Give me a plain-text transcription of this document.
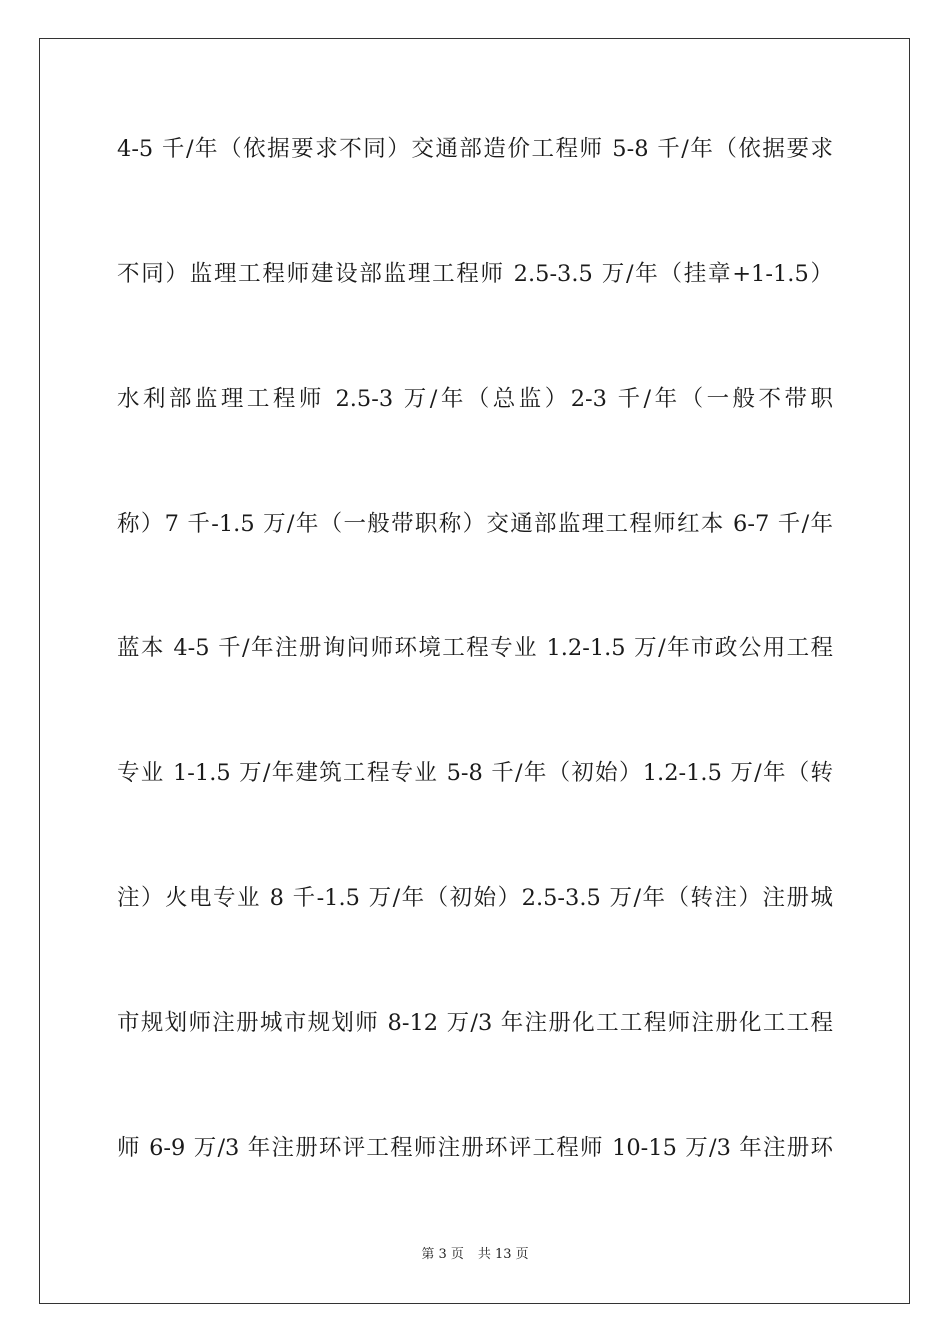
4-5 千/年（依据要求不同）交通部造价工程师 5-8 千/年（依据要求
不同）监理工程师建设部监理工程师 2.5-3.5 万/年（挂章+1-1.5）
水利部监理工程师 2.5-3 万/年（总监）2-3 千/年（一般不带职
称）7 千-1.5 万/年（一般带职称）交通部监理工程师红本 6-7 千/年
蓝本 4-5 千/年注册询问师环境工程专业 1.2-1.5 万/年市政公用工程
专业 1-1.5 万/年建筑工程专业 5-8 千/年（初始）1.2-1.5 万/年（转
注）火电专业 8 千-1.5 万/年（初始）2.5-3.5 万/年（转注）注册城
市规划师注册城市规划师 8-12 万/3 年注册化工工程师注册化工工程
师 6-9 万/3 年注册环评工程师注册环评工程师 10-15 万/3 年注册环
第 3 页 共 13 页
